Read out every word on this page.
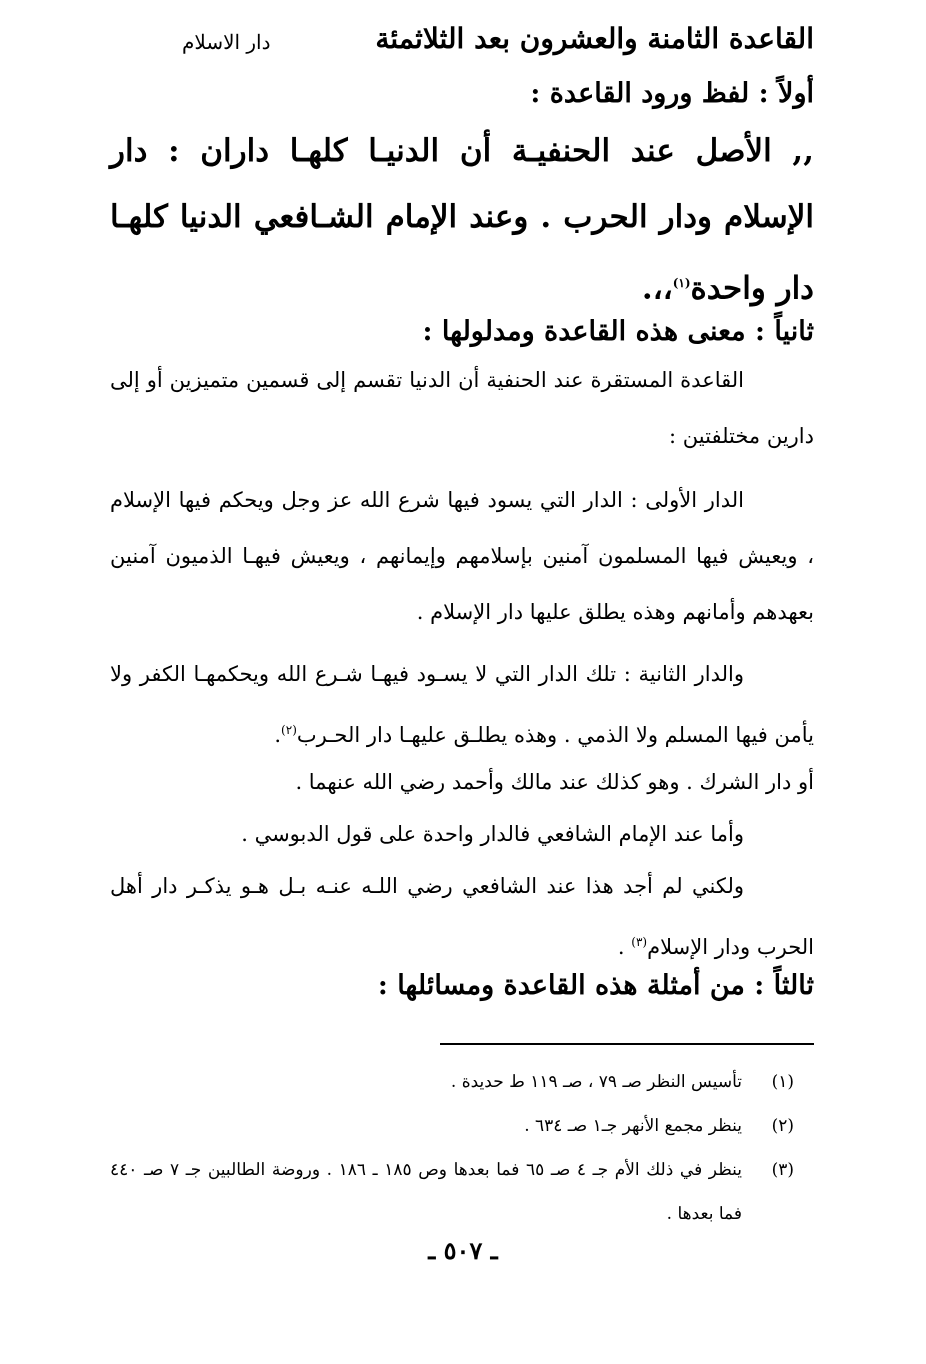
القاعدة الثامنة والعشرون بعد الثلاثمئة
دار الاسلام
أولاً : لفظ ورود القاعدة :
,, الأصل عند الحنفيـة أن الدنيـا كلهـا داران : دار الإسلام ودار الحرب . وعند الإمام الشـافعي الدنيا كلهـا دار واحدة$^{(١)}$،،.
ثانياً : معنى هذه القاعدة ومدلولها :
القاعدة المستقرة عند الحنفية أن الدنيا تقسم إلى قسمين متميزين أو إلى دارين مختلفتين :
الدار الأولى : الدار التي يسود فيها شرع الله عز وجل ويحكم فيها الإسلام ، ويعيش فيها المسلمون آمنين بإسلامهم وإيمانهم ، ويعيش فيهـا الذميون آمنين بعهدهم وأمانهم وهذه يطلق عليها دار الإسلام .
والدار الثانية : تلك الدار التي لا يسـود فيهـا شـرع الله ويحكمهـا الكفر ولا يأمن فيها المسلم ولا الذمي . وهذه يطلـق عليهـا دار الحـرب$^{(٢)}$.
أو دار الشرك . وهو كذلك عند مالك وأحمد رضي الله عنهما .
وأما عند الإمام الشافعي فالدار واحدة على قول الدبوسي .
ولكني لم أجد هذا عند الشافعي رضي اللـه عنـه بـل هـو يذكـر دار أهل الحرب ودار الإسلام$^{(٣)}$ .
ثالثاً : من أمثلة هذه القاعدة ومسائلها :
(١)
تأسيس النظر صـ ٧٩ ، صـ ١١٩ ط حديدة .
(٢)
ينظر مجمع الأنهر جـ١ صـ ٦٣٤ .
(٣)
ينظر في ذلك الأم جـ ٤ صـ ٦٥ فما بعدها وص ١٨٥ ـ ١٨٦ . وروضة الطالبين جـ ٧ صـ ٤٤٠ فما بعدها .
ـ ٥٠٧ ـ
